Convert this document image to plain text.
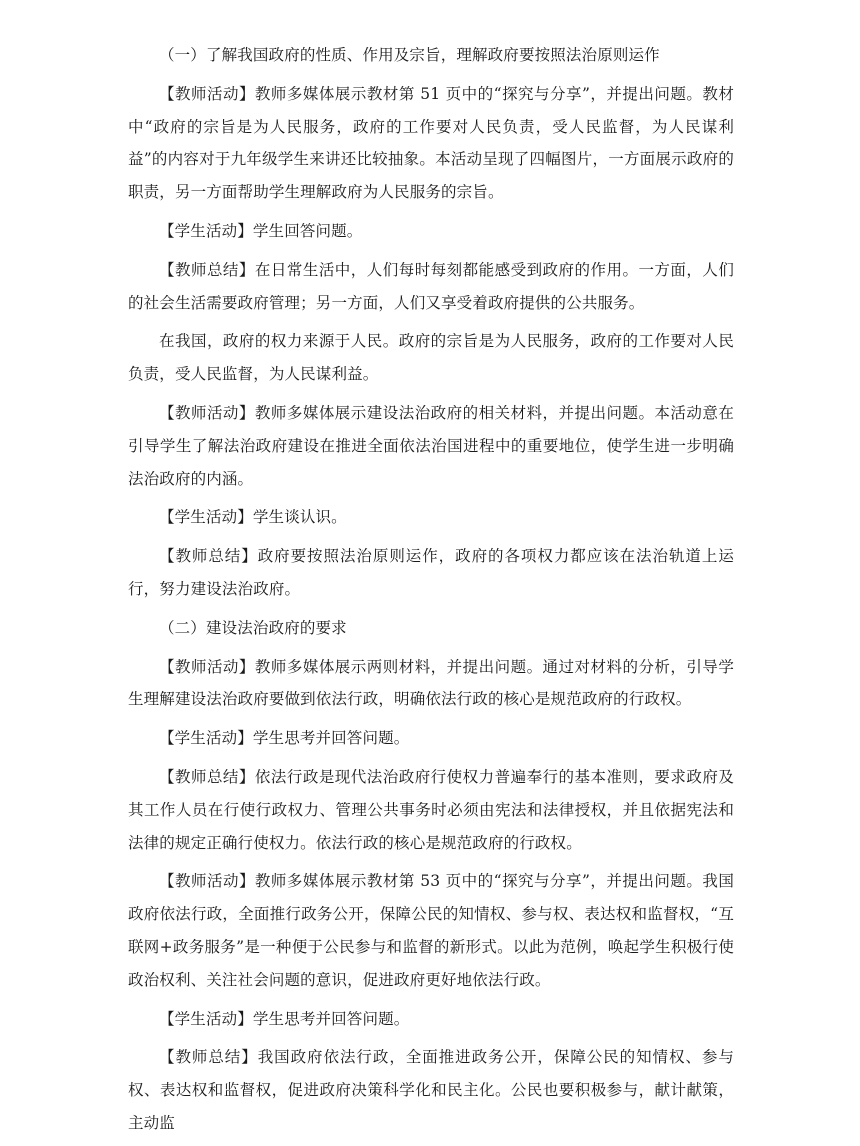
（一）了解我国政府的性质、作用及宗旨，理解政府要按照法治原则运作

【教师活动】教师多媒体展示教材第 51 页中的“探究与分享”，并提出问题。教材中“政府的宗旨是为人民服务，政府的工作要对人民负责，受人民监督，为人民谋利益”的内容对于九年级学生来讲还比较抽象。本活动呈现了四幅图片，一方面展示政府的职责，另一方面帮助学生理解政府为人民服务的宗旨。

【学生活动】学生回答问题。

【教师总结】在日常生活中，人们每时每刻都能感受到政府的作用。一方面，人们的社会生活需要政府管理；另一方面，人们又享受着政府提供的公共服务。

在我国，政府的权力来源于人民。政府的宗旨是为人民服务，政府的工作要对人民负责，受人民监督，为人民谋利益。

【教师活动】教师多媒体展示建设法治政府的相关材料，并提出问题。本活动意在引导学生了解法治政府建设在推进全面依法治国进程中的重要地位，使学生进一步明确法治政府的内涵。

【学生活动】学生谈认识。

【教师总结】政府要按照法治原则运作，政府的各项权力都应该在法治轨道上运行，努力建设法治政府。

（二）建设法治政府的要求

【教师活动】教师多媒体展示两则材料，并提出问题。通过对材料的分析，引导学生理解建设法治政府要做到依法行政，明确依法行政的核心是规范政府的行政权。

【学生活动】学生思考并回答问题。

【教师总结】依法行政是现代法治政府行使权力普遍奉行的基本准则，要求政府及其工作人员在行使行政权力、管理公共事务时必须由宪法和法律授权，并且依据宪法和法律的规定正确行使权力。依法行政的核心是规范政府的行政权。

【教师活动】教师多媒体展示教材第 53 页中的“探究与分享”，并提出问题。我国政府依法行政，全面推行政务公开，保障公民的知情权、参与权、表达权和监督权，“互联网+政务服务”是一种便于公民参与和监督的新形式。以此为范例，唤起学生积极行使政治权利、关注社会问题的意识，促进政府更好地依法行政。

【学生活动】学生思考并回答问题。

【教师总结】我国政府依法行政，全面推进政务公开，保障公民的知情权、参与权、表达权和监督权，促进政府决策科学化和民主化。公民也要积极参与，献计献策，主动监
